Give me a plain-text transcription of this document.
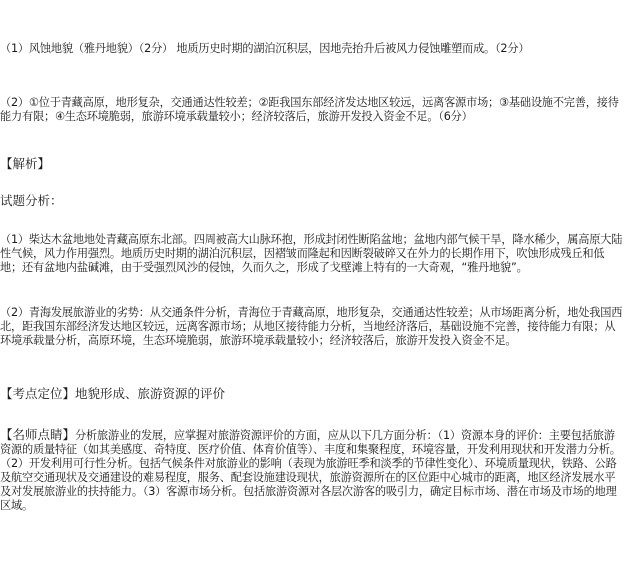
（1）风蚀地貌（雅丹地貌）（2分） 地质历史时期的湖泊沉积层，因地壳抬升后被风力侵蚀雕塑而成。（2分）
（2）①位于青藏高原，地形复杂，交通通达性较差；②距我国东部经济发达地区较远，远离客源市场；③基础设施不完善，接待能力有限；④生态环境脆弱，旅游环境承载量较小；经济较落后，旅游开发投入资金不足。（6分）
【解析】
试题分析：
（1）柴达木盆地地处青藏高原东北部。四周被高大山脉环抱，形成封闭性断陷盆地；盆地内部气候干旱，降水稀少，属高原大陆性气候，风力作用强烈。地质历史时期的湖泊沉积层，因褶皱而隆起和因断裂破碎又在外力的长期作用下，吹蚀形成残丘和低地；还有盆地内盐碱滩，由于受强烈风沙的侵蚀，久而久之，形成了戈壁滩上特有的一大奇观，“雅丹地貌”。
（2）青海发展旅游业的劣势：从交通条件分析，青海位于青藏高原，地形复杂，交通通达性较差；从市场距离分析，地处我国西北，距我国东部经济发达地区较远，远离客源市场；从地区接待能力分析，当地经济落后，基础设施不完善，接待能力有限；从环境承载量分析，高原环境，生态环境脆弱，旅游环境承载量较小；经济较落后，旅游开发投入资金不足。
【考点定位】地貌形成、旅游资源的评价
【名师点睛】分析旅游业的发展，应掌握对旅游资源评价的方面，应从以下几方面分析：（1）资源本身的评价：主要包括旅游资源的质量特征（如其美感度、奇特度、医疗价值、体育价值等）、丰度和集聚程度，环境容量，开发利用现状和开发潜力分析。（2）开发利用可行性分析。包括气候条件对旅游业的影响（表现为旅游旺季和淡季的节律性变化）、环境质量现状，铁路、公路及航空交通现状及交通建设的难易程度，服务、配套设施建设现状，旅游资源所在的区位距中心城市的距离，地区经济发展水平及对发展旅游业的扶持能力。（3）客源市场分析。包括旅游资源对各层次游客的吸引力，确定目标市场、潜在市场及市场的地理区域。
